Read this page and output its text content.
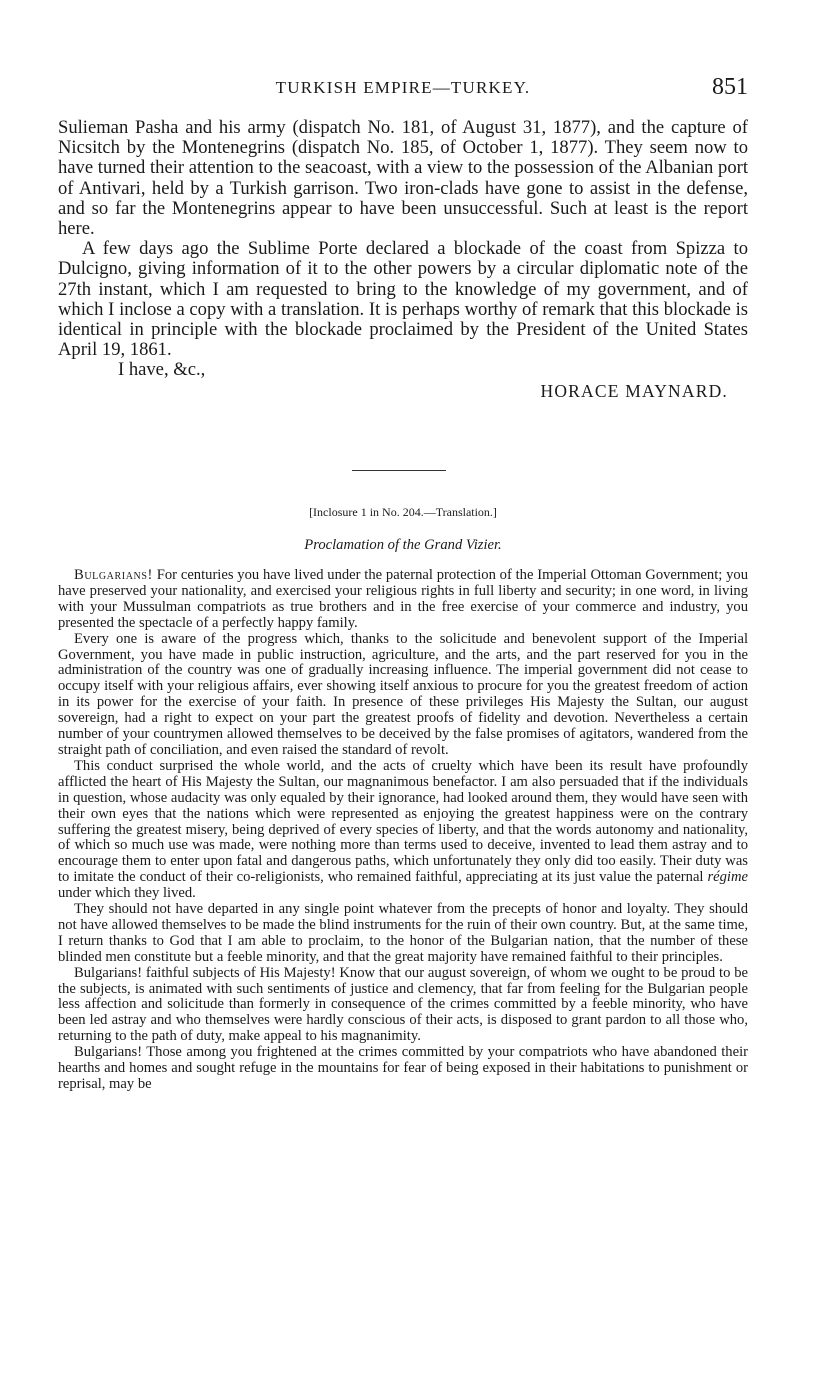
TURKISH EMPIRE—TURKEY.	851

Sulieman Pasha and his army (dispatch No. 181, of August 31, 1877), and the capture of Nicsitch by the Montenegrins (dispatch No. 185, of October 1, 1877). They seem now to have turned their attention to the seacoast, with a view to the possession of the Albanian port of Antivari, held by a Turkish garrison. Two iron-clads have gone to assist in the defense, and so far the Montenegrins appear to have been unsuccessful. Such at least is the report here.

A few days ago the Sublime Porte declared a blockade of the coast from Spizza to Dulcigno, giving information of it to the other powers by a circular diplomatic note of the 27th instant, which I am requested to bring to the knowledge of my government, and of which I inclose a copy with a translation. It is perhaps worthy of remark that this blockade is identical in principle with the blockade proclaimed by the President of the United States April 19, 1861.

I have, &c.,

HORACE MAYNARD.

[Inclosure 1 in No. 204.—Translation.]
Proclamation of the Grand Vizier.

Bulgarians! For centuries you have lived under the paternal protection of the Imperial Ottoman Government; you have preserved your nationality, and exercised your religious rights in full liberty and security; in one word, in living with your Mussulman compatriots as true brothers and in the free exercise of your commerce and industry, you presented the spectacle of a perfectly happy family.

Every one is aware of the progress which, thanks to the solicitude and benevolent support of the Imperial Government, you have made in public instruction, agriculture, and the arts, and the part reserved for you in the administration of the country was one of gradually increasing influence. The imperial government did not cease to occupy itself with your religious affairs, ever showing itself anxious to procure for you the greatest freedom of action in its power for the exercise of your faith. In presence of these privileges His Majesty the Sultan, our august sovereign, had a right to expect on your part the greatest proofs of fidelity and devotion. Nevertheless a certain number of your countrymen allowed themselves to be deceived by the false promises of agitators, wandered from the straight path of conciliation, and even raised the standard of revolt.

This conduct surprised the whole world, and the acts of cruelty which have been its result have profoundly afflicted the heart of His Majesty the Sultan, our magnanimous benefactor. I am also persuaded that if the individuals in question, whose audacity was only equaled by their ignorance, had looked around them, they would have seen with their own eyes that the nations which were represented as enjoying the greatest happiness were on the contrary suffering the greatest misery, being deprived of every species of liberty, and that the words autonomy and nationality, of which so much use was made, were nothing more than terms used to deceive, invented to lead them astray and to encourage them to enter upon fatal and dangerous paths, which unfortunately they only did too easily. Their duty was to imitate the conduct of their co-religionists, who remained faithful, appreciating at its just value the paternal régime under which they lived.

They should not have departed in any single point whatever from the precepts of honor and loyalty. They should not have allowed themselves to be made the blind instruments for the ruin of their own country. But, at the same time, I return thanks to God that I am able to proclaim, to the honor of the Bulgarian nation, that the number of these blinded men constitute but a feeble minority, and that the great majority have remained faithful to their principles.

Bulgarians! faithful subjects of His Majesty! Know that our august sovereign, of whom we ought to be proud to be the subjects, is animated with such sentiments of justice and clemency, that far from feeling for the Bulgarian people less affection and solicitude than formerly in consequence of the crimes committed by a feeble minority, who have been led astray and who themselves were hardly conscious of their acts, is disposed to grant pardon to all those who, returning to the path of duty, make appeal to his magnanimity.

Bulgarians! Those among you frightened at the crimes committed by your compatriots who have abandoned their hearths and homes and sought refuge in the mountains for fear of being exposed in their habitations to punishment or reprisal, may be
